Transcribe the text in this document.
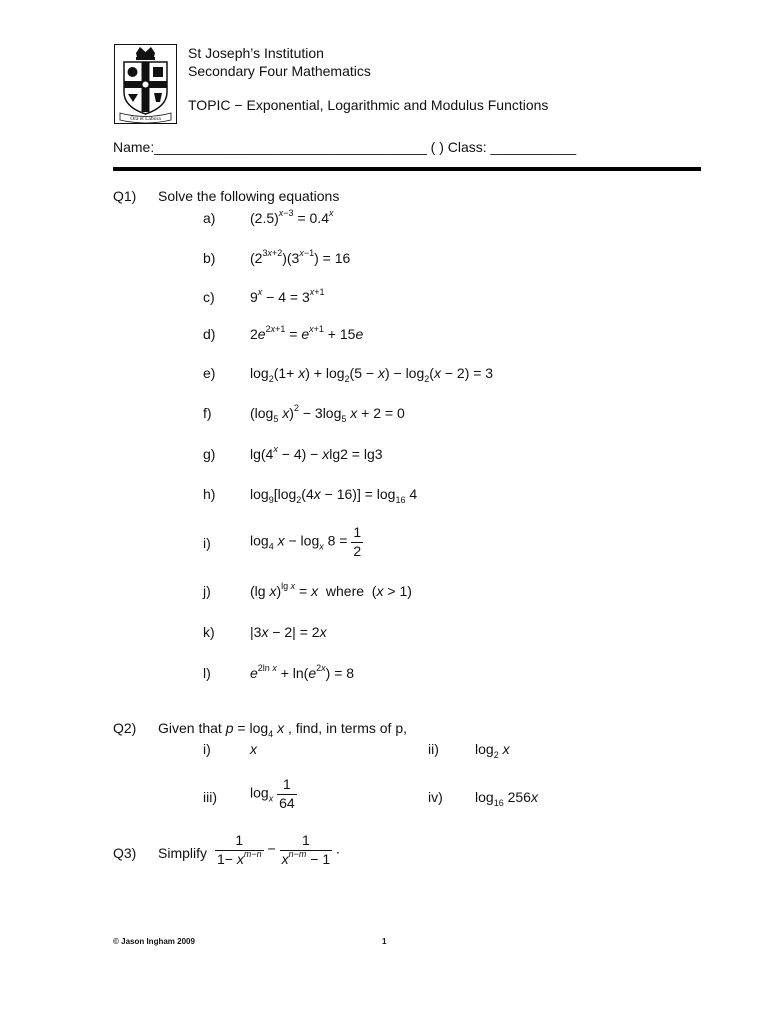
Ora et Labora
St Joseph’s Institution
Secondary Four Mathematics
TOPIC − Exponential, Logarithmic and Modulus Functions
Name:___________________________________ ( ) Class: ___________
Q1) Solve the following equations
a) $(2.5)^{x-3} = 0.4^x$
b) $(2^{3x+2})(3^{x-1}) = 16$
c)	$9^x - 4 = 3^{x+1}$
d) $2e^{2x+1} = e^{x+1} + 15e$
e) $\log_2(1+ x) + \log_2(5 - x) - \log_2(x - 2) = 3$
f)	($\log_5$ $x)^2 - 3\log_5$ x + 2 = 0
g) $\lg(4^x - 4) - xlg2 = \lg 3$
h) $\log_9[\log_2(4x - 16)] = \log_{16} 4$
i)	$\log_4 x - \log_x 8 = \frac{1}{2}$
j)	(lg x)$^{lg x}$ = x where  (x > 1)
k)	|3x − 2| = 2x
l)	$e^{2ln x} + \ln(e^{2x}) = 8$
Q2) Given that $p = \log_4 x$ , find, in terms of p,
i)	x	ii)	$\log_2 x$
iii) $\log_x \frac{1}{64}$	iv) $\log_{16} 256x$
Q3) Simplify $\frac{1}{1- x^{m-n}} - \frac{1}{x^{n-m} - 1}$ .
© Jason Ingham 2009	1
